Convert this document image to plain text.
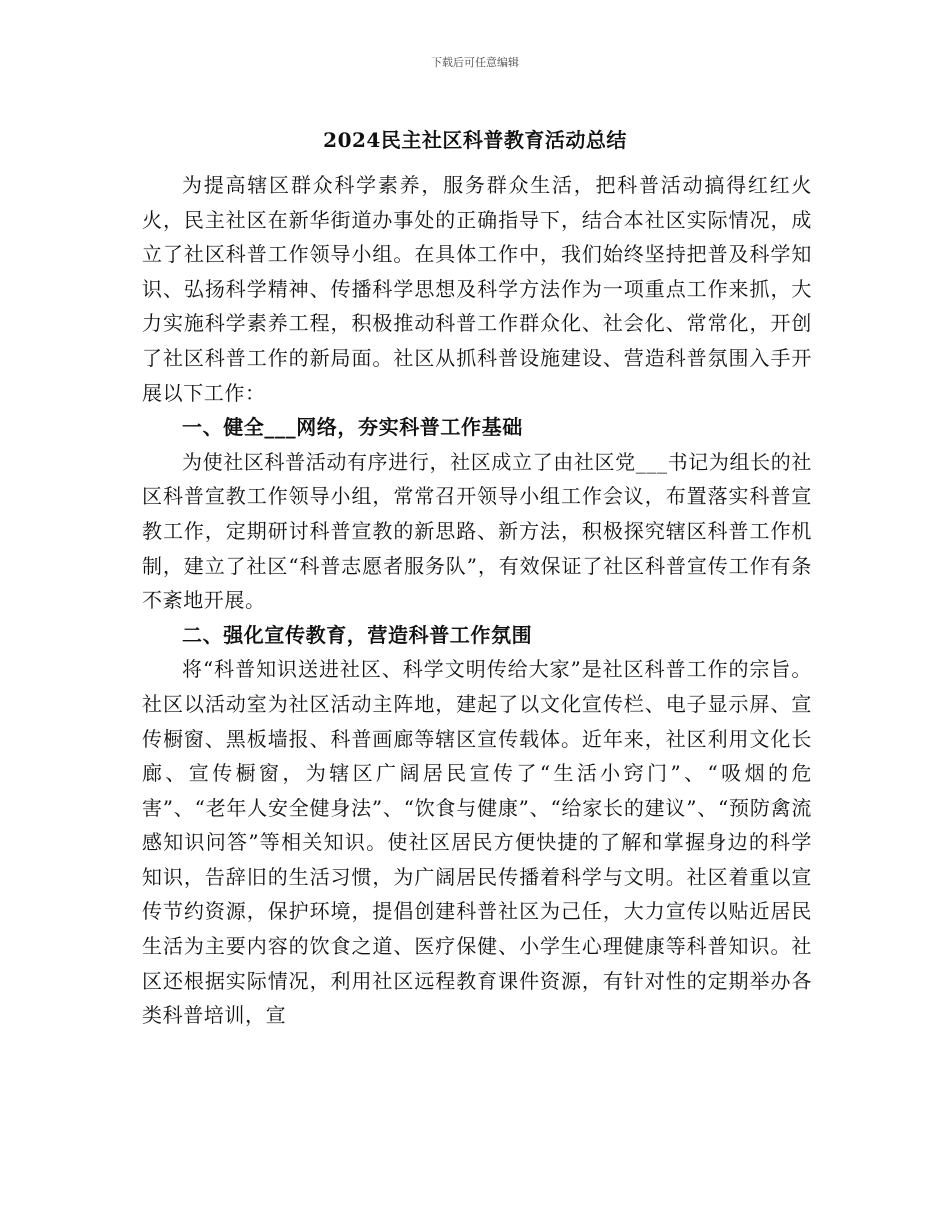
下载后可任意编辑
2024民主社区科普教育活动总结

为提高辖区群众科学素养，服务群众生活，把科普活动搞得红红火火，民主社区在新华街道办事处的正确指导下，结合本社区实际情况，成立了社区科普工作领导小组。在具体工作中，我们始终坚持把普及科学知识、弘扬科学精神、传播科学思想及科学方法作为一项重点工作来抓，大力实施科学素养工程，积极推动科普工作群众化、社会化、常常化，开创了社区科普工作的新局面。社区从抓科普设施建设、营造科普氛围入手开展以下工作：

一、健全___网络，夯实科普工作基础

为使社区科普活动有序进行，社区成立了由社区党___书记为组长的社区科普宣教工作领导小组，常常召开领导小组工作会议，布置落实科普宣教工作，定期研讨科普宣教的新思路、新方法，积极探究辖区科普工作机制，建立了社区“科普志愿者服务队”，有效保证了社区科普宣传工作有条不紊地开展。

二、强化宣传教育，营造科普工作氛围

将“科普知识送进社区、科学文明传给大家”是社区科普工作的宗旨。社区以活动室为社区活动主阵地，建起了以文化宣传栏、电子显示屏、宣传橱窗、黑板墙报、科普画廊等辖区宣传载体。近年来，社区利用文化长廊、宣传橱窗，为辖区广阔居民宣传了“生活小窍门”、“吸烟的危害”、“老年人安全健身法”、“饮食与健康”、“给家长的建议”、“预防禽流感知识问答”等相关知识。使社区居民方便快捷的了解和掌握身边的科学知识，告辞旧的生活习惯，为广阔居民传播着科学与文明。社区着重以宣传节约资源，保护环境，提倡创建科普社区为己任，大力宣传以贴近居民生活为主要内容的饮食之道、医疗保健、小学生心理健康等科普知识。社区还根据实际情况，利用社区远程教育课件资源，有针对性的定期举办各类科普培训，宣
